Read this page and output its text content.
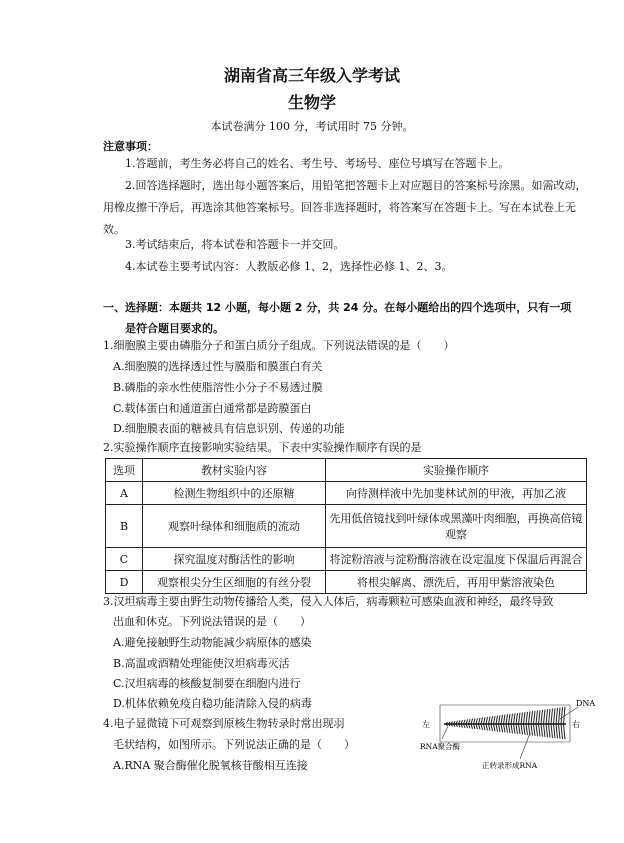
湖南省高三年级入学考试
生物学
本试卷满分 100 分，考试用时 75 分钟。
注意事项：
1.答题前，考生务必将自己的姓名、考生号、考场号、座位号填写在答题卡上。
2.回答选择题时，选出每小题答案后，用铅笔把答题卡上对应题目的答案标号涂黑。如需改动，用橡皮擦干净后，再选涂其他答案标号。回答非选择题时，将答案写在答题卡上。写在本试卷上无效。
3.考试结束后，将本试卷和答题卡一并交回。
4.本试卷主要考试内容：人教版必修 1、2，选择性必修 1、2、3。
一、选择题：本题共 12 小题，每小题 2 分，共 24 分。在每小题给出的四个选项中，只有一项
是符合题目要求的。
1.细胞膜主要由磷脂分子和蛋白质分子组成。下列说法错误的是（　　）
A.细胞膜的选择透过性与膜脂和膜蛋白有关
B.磷脂的亲水性使脂溶性小分子不易透过膜
C.载体蛋白和通道蛋白通常都是跨膜蛋白
D.细胞膜表面的糖被具有信息识别、传递的功能
2.实验操作顺序直接影响实验结果。下表中实验操作顺序有误的是
选项	教材实验内容	实验操作顺序
A	检测生物组织中的还原糖	向待测样液中先加斐林试剂的甲液，再加乙液
B	观察叶绿体和细胞质的流动	先用低倍镜找到叶绿体或黑藻叶肉细胞，再换高倍镜观察
C	探究温度对酶活性的影响	将淀粉溶液与淀粉酶溶液在设定温度下保温后再混合
D	观察根尖分生区细胞的有丝分裂	将根尖解离、漂洗后，再用甲紫溶液染色
3.汉坦病毒主要由野生动物传播给人类，侵入人体后，病毒颗粒可感染血液和神经，最终导致
出血和休克。下列说法错误的是（　　）
A.避免接触野生动物能减少病原体的感染
B.高温或酒精处理能使汉坦病毒灭活
C.汉坦病毒的核酸复制要在细胞内进行
D.机体依赖免疫自稳功能清除入侵的病毒
4.电子显微镜下可观察到原核生物转录时常出现羽
毛状结构，如图所示。下列说法正确的是（　　）
A.RNA 聚合酶催化脱氧核苷酸相互连接
左	右
DNA
RNA聚合酶
正转录形成RNA
